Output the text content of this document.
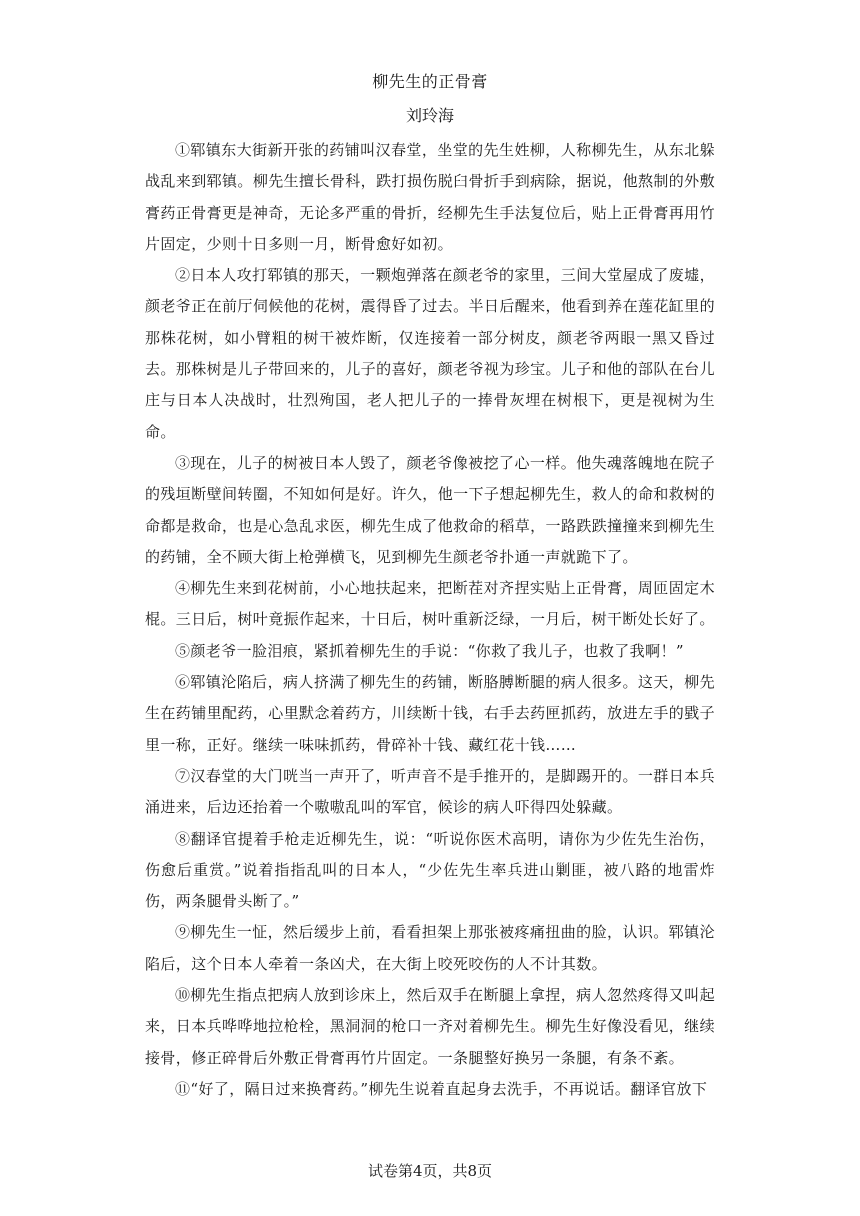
柳先生的正骨膏
刘玲海

①郓镇东大街新开张的药铺叫汉春堂，坐堂的先生姓柳，人称柳先生，从东北躲战乱来到郓镇。柳先生擅长骨科，跌打损伤脱臼骨折手到病除，据说，他熬制的外敷膏药正骨膏更是神奇，无论多严重的骨折，经柳先生手法复位后，贴上正骨膏再用竹片固定，少则十日多则一月，断骨愈好如初。

②日本人攻打郓镇的那天，一颗炮弹落在颜老爷的家里，三间大堂屋成了废墟，颜老爷正在前厅伺候他的花树，震得昏了过去。半日后醒来，他看到养在莲花缸里的那株花树，如小臂粗的树干被炸断，仅连接着一部分树皮，颜老爷两眼一黑又昏过去。那株树是儿子带回来的，儿子的喜好，颜老爷视为珍宝。儿子和他的部队在台儿庄与日本人决战时，壮烈殉国，老人把儿子的一捧骨灰埋在树根下，更是视树为生命。

③现在，儿子的树被日本人毁了，颜老爷像被挖了心一样。他失魂落魄地在院子的残垣断壁间转圈，不知如何是好。许久，他一下子想起柳先生，救人的命和救树的命都是救命，也是心急乱求医，柳先生成了他救命的稻草，一路跌跌撞撞来到柳先生的药铺，全不顾大街上枪弹横飞，见到柳先生颜老爷扑通一声就跪下了。

④柳先生来到花树前，小心地扶起来，把断茬对齐捏实贴上正骨膏，周匝固定木棍。三日后，树叶竟振作起来，十日后，树叶重新泛绿，一月后，树干断处长好了。

⑤颜老爷一脸泪痕，紧抓着柳先生的手说：“你救了我儿子，也救了我啊！”

⑥郓镇沦陷后，病人挤满了柳先生的药铺，断胳膊断腿的病人很多。这天，柳先生在药铺里配药，心里默念着药方，川续断十钱，右手去药匣抓药，放进左手的戥子里一称，正好。继续一味味抓药，骨碎补十钱、藏红花十钱……

⑦汉春堂的大门咣当一声开了，听声音不是手推开的，是脚踢开的。一群日本兵涌进来，后边还抬着一个嗷嗷乱叫的军官，候诊的病人吓得四处躲藏。

⑧翻译官提着手枪走近柳先生，说：“听说你医术高明，请你为少佐先生治伤，伤愈后重赏。”说着指指乱叫的日本人，“少佐先生率兵进山剿匪，被八路的地雷炸伤，两条腿骨头断了。”

⑨柳先生一怔，然后缓步上前，看看担架上那张被疼痛扭曲的脸，认识。郓镇沦陷后，这个日本人牵着一条凶犬，在大街上咬死咬伤的人不计其数。

⑩柳先生指点把病人放到诊床上，然后双手在断腿上拿捏，病人忽然疼得又叫起来，日本兵哗哗地拉枪栓，黑洞洞的枪口一齐对着柳先生。柳先生好像没看见，继续接骨，修正碎骨后外敷正骨膏再竹片固定。一条腿整好换另一条腿，有条不紊。

⑪“好了，隔日过来换膏药。”柳先生说着直起身去洗手，不再说话。翻译官放下

试卷第4页，共8页
